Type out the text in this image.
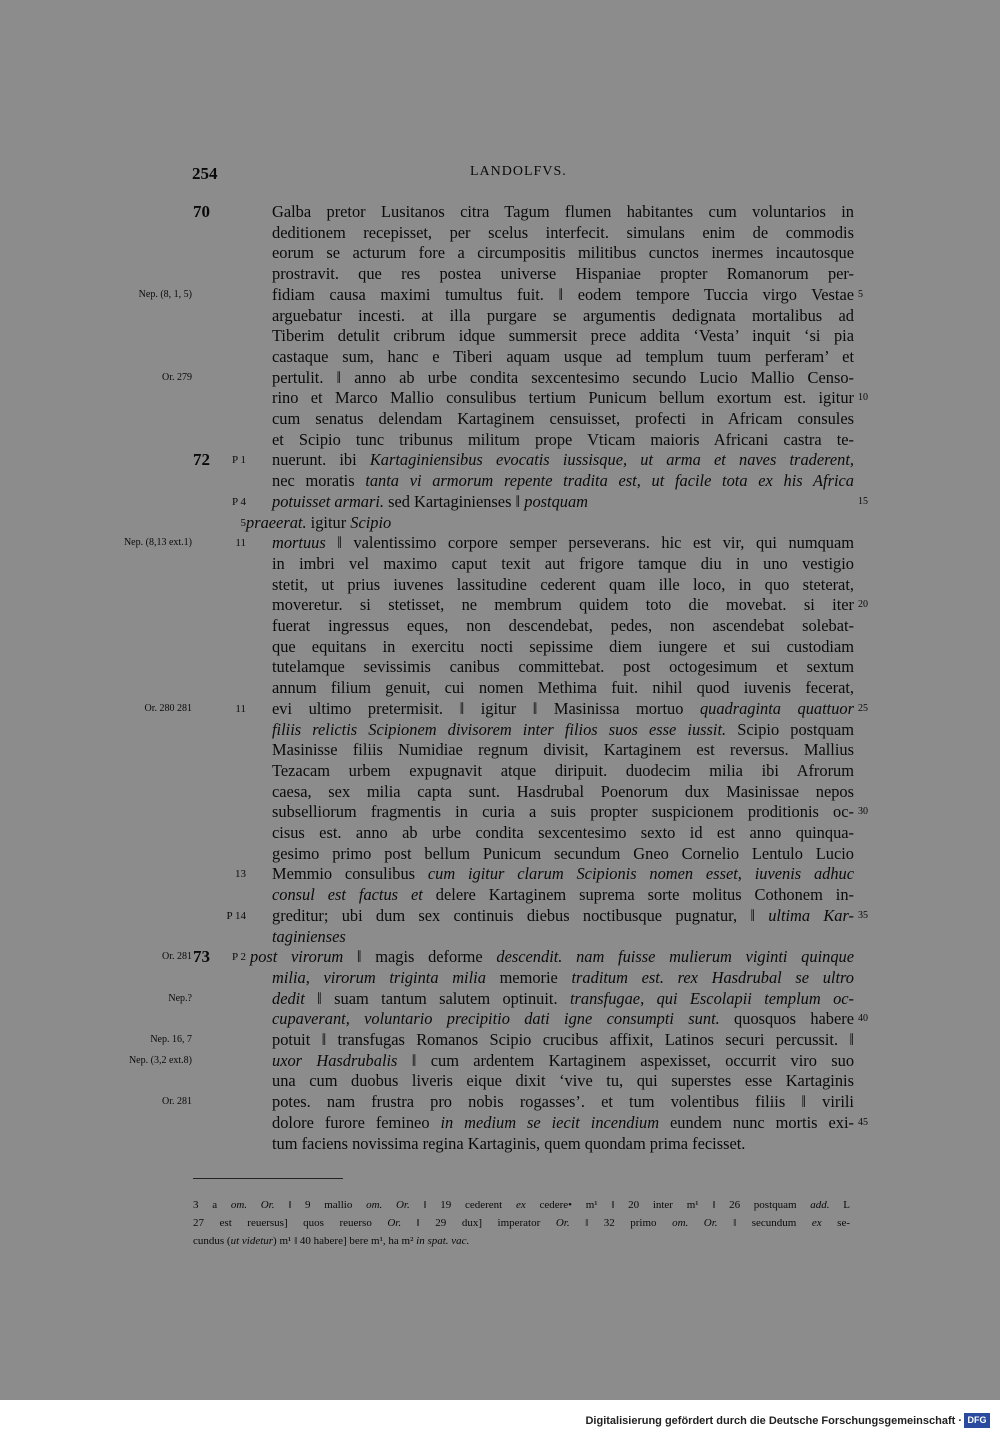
254	LANDOLFVS.
Galba pretor Lusitanos citra Tagum flumen habitantes cum voluntarios in
deditionem recepisset, per scelus interfecit. simulans enim de commodis
eorum se acturum fore a circumpositis militibus cunctos inermes incautosque
prostravit. que res postea universe Hispaniae propter Romanorum per-
fidiam causa maximi tumultus fuit. ‖ eodem tempore Tuccia virgo Vestae
arguebatur incesti. at illa purgare se argumentis dedignata mortalibus ad
Tiberim detulit cribrum idque summersit prece addita ‘Vesta’ inquit ‘si pia
castaque sum, hanc e Tiberi aquam usque ad templum tuum perferam’ et
pertulit. ‖ anno ab urbe condita sexcentesimo secundo Lucio Mallio Censo-
rino et Marco Mallio consulibus tertium Punicum bellum exortum est. igitur
cum senatus delendam Kartaginem censuisset, profecti in Africam consules
et Scipio tunc tribunus militum prope Vticam maioris Africani castra te-
nuerunt. ibi Kartaginiensibus evocatis iussisque, ut arma et naves traderent,
nec moratis tanta vi armorum repente tradita est, ut facile tota ex his Africa
potuisset armari. sed Kartaginienses ‖ postquam
praeerat. igitur Scipio
mortuus ‖ valentissimo corpore semper perseverans. hic est vir, qui numquam
in imbri vel maximo caput texit aut frigore tamque diu in uno vestigio
stetit, ut prius iuvenes lassitudine cederent quam ille loco, in quo steterat,
moveretur. si stetisset, ne membrum quidem toto die movebat. si iter
fuerat ingressus eques, non descendebat, pedes, non ascendebat solebat-
que equitans in exercitu nocti sepissime diem iungere et sui custodiam
tutelamque sevissimis canibus committebat. post octogesimum et sextum
annum filium genuit, cui nomen Methima fuit. nihil quod iuvenis fecerat,
evi ultimo pretermisit. ‖ igitur ‖ Masinissa mortuo quadraginta quattuor
filiis relictis Scipionem divisorem inter filios suos esse iussit. Scipio postquam
Masinisse filiis Numidiae regnum divisit, Kartaginem est reversus. Mallius
Tezacam urbem expugnavit atque diripuit. duodecim milia ibi Afrorum
caesa, sex milia capta sunt. Hasdrubal Poenorum dux Masinissae nepos
subselliorum fragmentis in curia a suis propter suspicionem proditionis oc-
cisus est. anno ab urbe condita sexcentesimo sexto id est anno quinqua-
gesimo primo post bellum Punicum secundum Gneo Cornelio Lentulo Lucio
Memmio consulibus cum igitur clarum Scipionis nomen esset, iuvenis adhuc
consul est factus et delere Kartaginem suprema sorte molitus Cothonem in-
greditur; ubi dum sex continuis diebus noctibusque pugnatur, ‖ ultima Kar-
taginienses
post virorum ‖ magis deforme descendit. nam fuisse mulierum viginti quinque
milia, virorum triginta milia memorie traditum est. rex Hasdrubal se ultro
dedit ‖ suam tantum salutem optinuit. transfugae, qui Escolapii templum oc-
cupaverant, voluntario precipitio dati igne consumpti sunt. quosquos habere
potuit ‖ transfugas Romanos Scipio crucibus affixit, Latinos securi percussit. ‖
uxor Hasdrubalis ‖ cum ardentem Kartaginem aspexisset, occurrit viro suo
una cum duobus liveris eique dixit ‘vive tu, qui superstes esse Kartaginis
potes. nam frustra pro nobis rogasses’. et tum volentibus filiis ‖ virili
dolore furore femineo in medium se iecit incendium eundem nunc mortis exi-
tum faciens novissima regina Kartaginis, quem quondam prima fecisset.
Nep. (8, 1, 5)
Or. 279
Nep. (8,13 ext.1)
Or. 280 281
Or. 281
Nep.?
Nep. 16, 7
Nep. (3,2 ext.8)
Or. 281
70
72
73
P 1
P 4
5
11
11
13
P 14
P 2
5
10
15
20
25
30
35
40
45
3 a om. Or. ‖ 9 mallio om. Or. ‖ 19 cederent ex cedere• m¹ ‖ 20 inter m¹ ‖ 26 postquam add. L
27 est reuersus] quos reuerso Or. ‖ 29 dux] imperator Or. ‖ 32 primo om. Or. ‖ secundum ex se-
cundus (ut videtur) m¹ ‖ 40 habere] bere m¹, ha m² in spat. vac.
Digitalisierung gefördert durch die Deutsche Forschungsgemeinschaft · DFG
